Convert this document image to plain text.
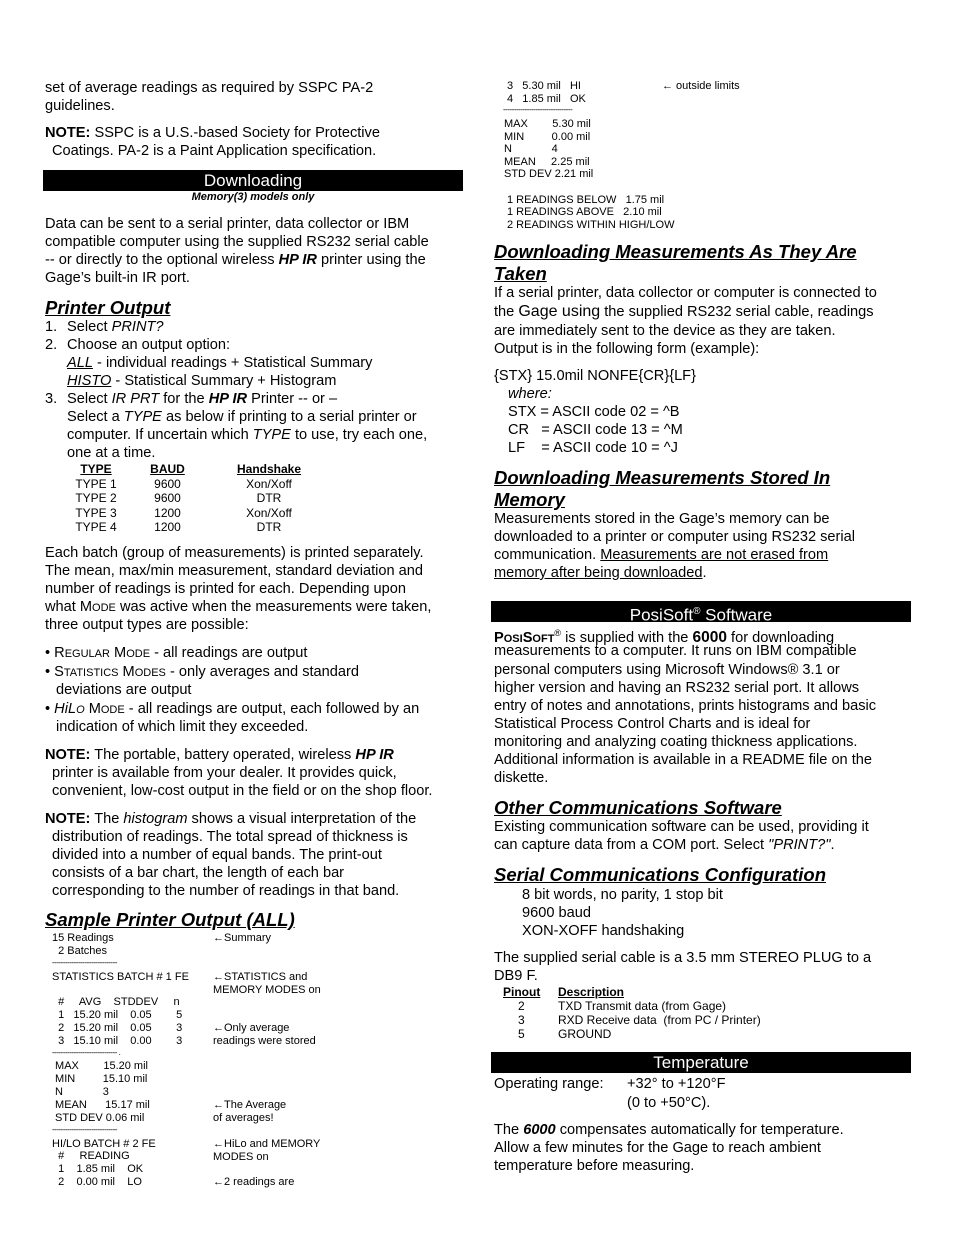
set of average readings as required by SSPC PA-2
guidelines.
NOTE: SSPC is a U.S.-based Society for Protective
Coatings. PA-2 is a Paint Application specification.
Downloading
Memory(3) models only
Data can be sent to a serial printer, data collector or IBM
compatible computer using the supplied RS232 serial cable
-- or directly to the optional wireless HP IR printer using the
Gage’s built-in IR port.
Printer Output
1. Select PRINT?
2. Choose an output option:
ALL - individual readings + Statistical Summary
HISTO - Statistical Summary + Histogram
3. Select IR PRT for the HP IR Printer -- or –
Select a TYPE as below if printing to a serial printer or
computer. If uncertain which TYPE to use, try each one,
one at a time.
TYPE	BAUD	Handshake
TYPE 1	9600	Xon/Xoff
TYPE 2	9600	DTR
TYPE 3	1200	Xon/Xoff
TYPE 4	1200	DTR
Each batch (group of measurements) is printed separately.
The mean, max/min measurement, standard deviation and
number of readings is printed for each. Depending upon
what MODE was active when the measurements were taken,
three output types are possible:
• REGULAR MODE - all readings are output
• STATISTICS MODES - only averages and standard
deviations are output
• HiLO MODE - all readings are output, each followed by an
indication of which limit they exceeded.
NOTE: The portable, battery operated, wireless HP IR
printer is available from your dealer. It provides quick,
convenient, low-cost output in the field or on the shop floor.
NOTE: The histogram shows a visual interpretation of the
distribution of readings. The total spread of thickness is
divided into a number of equal bands. The print-out
consists of a bar chart, the length of each bar
corresponding to the number of readings in that band.
Sample Printer Output (ALL)

15 Readings

	←Summary

2 Batches

------------------------------

STATISTICS BATCH # 1 FE

←STATISTICS and

MEMORY MODES on

#     AVG    STDDEV     n

1   15.20 mil    0.05        5

2   15.20 mil    0.05        3

	←Only average

3   15.10 mil    0.00        3

	readings were stored

------------------------------ .

MAX        15.20 mil

MIN         15.10 mil

N             3

MEAN      15.17 mil

	←The Average

STD DEV 0.06 mil

	of averages!

------------------------------

HI/LO BATCH # 2 FE

	←HiLo and MEMORY

MODES on

#     READING

1    1.85 mil    OK

2    0.00 mil    LO

	←2 readings are

3   5.30 mil   HI	← outside limits
4   1.85 mil   OK
--------------------------------
MAX        5.30 mil
MIN         0.00 mil
N             4
MEAN     2.25 mil
STD DEV 2.21 mil
1 READINGS BELOW   1.75 mil
1 READINGS ABOVE   2.10 mil
2 READINGS WITHIN HIGH/LOW
Downloading Measurements As They Are
Taken
If a serial printer, data collector or computer is connected to
the Gage using the supplied RS232 serial cable, readings
are immediately sent to the device as they are taken.
Output is in the following form (example):
{STX} 15.0mil NONFE{CR}{LF}
where:
STX = ASCII code 02 = ^B
CR   = ASCII code 13 = ^M
LF    = ASCII code 10 = ^J
Downloading Measurements Stored In
Memory
Measurements stored in the Gage’s memory can be
downloaded to a printer or computer using RS232 serial
communication. Measurements are not erased from
memory after being downloaded.
PosiSoft® Software
POSISOFT® is supplied with the 6000 for downloading
measurements to a computer. It runs on IBM compatible
personal computers using Microsoft Windows® 3.1 or
higher version and having an RS232 serial port. It allows
entry of notes and annotations, prints histograms and basic
Statistical Process Control Charts and is ideal for
monitoring and analyzing coating thickness applications.
Additional information is available in a README file on the
diskette.
Other Communications Software
Existing communication software can be used, providing it
can capture data from a COM port. Select "PRINT?".
Serial Communications Configuration
8 bit words, no parity, 1 stop bit
9600 baud
XON-XOFF handshaking
The supplied serial cable is a 3.5 mm STEREO PLUG to a
DB9 F.
Pinout Description
2	TXD Transmit data (from Gage)
3	RXD Receive data  (from PC / Printer)
5	GROUND
Temperature
Operating range: +32° to +120°F
(0 to +50°C).
The 6000 compensates automatically for temperature.
Allow a few minutes for the Gage to reach ambient
temperature before measuring.
